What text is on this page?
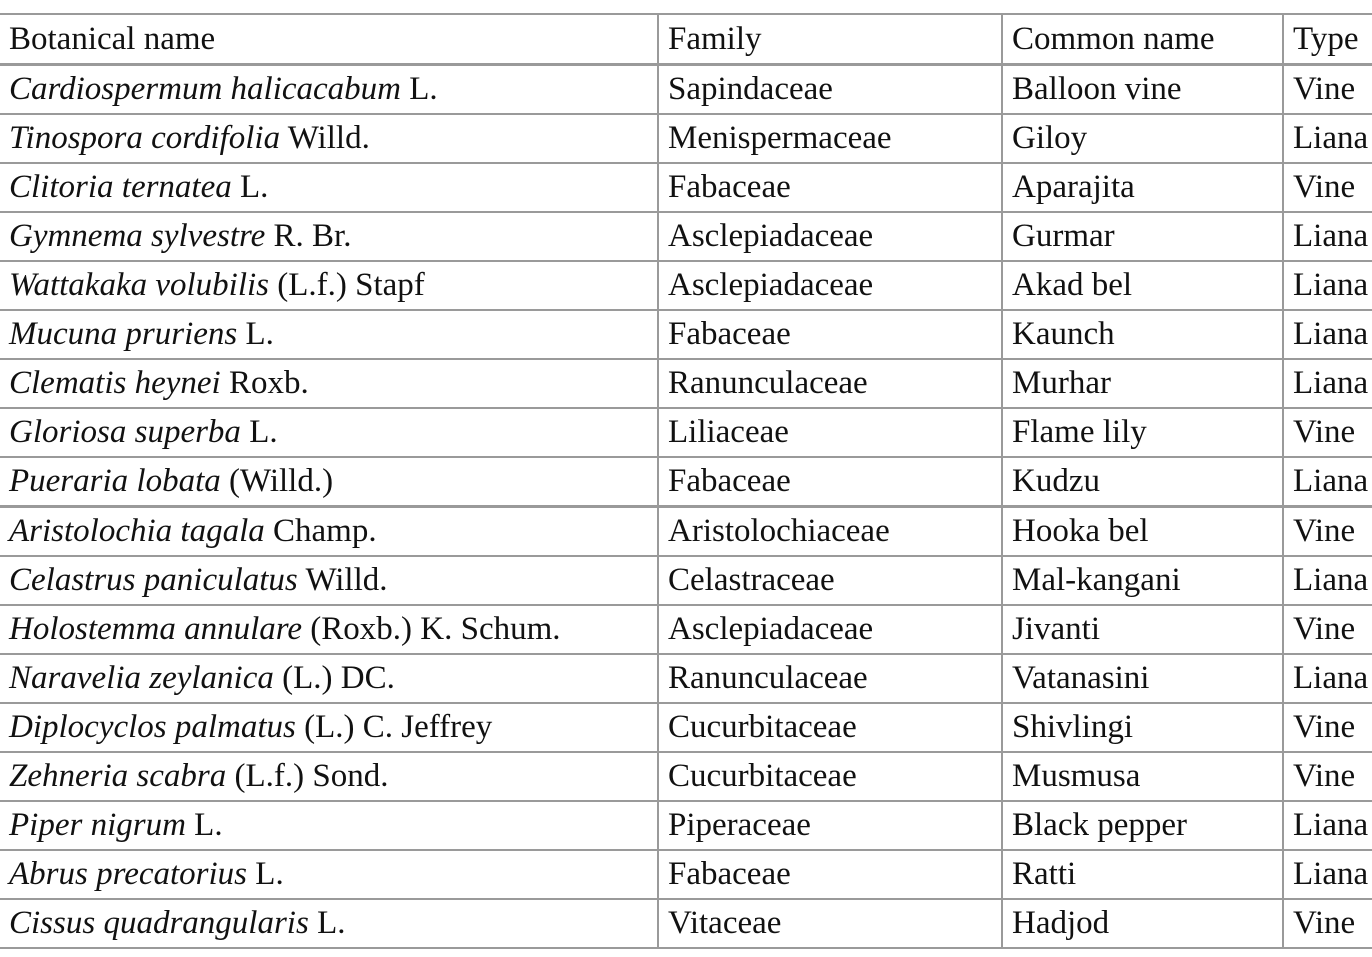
Botanical name	Family	Common name	Type
Cardiospermum halicacabum L.	Sapindaceae	Balloon vine	Vine
Tinospora cordifolia Willd.	Menispermaceae	Giloy	Liana
Clitoria ternatea L.	Fabaceae	Aparajita	Vine
Gymnema sylvestre R. Br.	Asclepiadaceae	Gurmar	Liana
Wattakaka volubilis (L.f.) Stapf	Asclepiadaceae	Akad bel	Liana
Mucuna pruriens L.	Fabaceae	Kaunch	Liana
Clematis heynei Roxb.	Ranunculaceae	Murhar	Liana
Gloriosa superba L.	Liliaceae	Flame lily	Vine
Pueraria lobata (Willd.)	Fabaceae	Kudzu	Liana
Aristolochia tagala Champ.	Aristolochiaceae	Hooka bel	Vine
Celastrus paniculatus Willd.	Celastraceae	Mal-kangani	Liana
Holostemma annulare (Roxb.) K. Schum.	Asclepiadaceae	Jivanti	Vine
Naravelia zeylanica (L.) DC.	Ranunculaceae	Vatanasini	Liana
Diplocyclos palmatus (L.) C. Jeffrey	Cucurbitaceae	Shivlingi	Vine
Zehneria scabra (L.f.) Sond.	Cucurbitaceae	Musmusa	Vine
Piper nigrum L.	Piperaceae	Black pepper	Liana
Abrus precatorius L.	Fabaceae	Ratti	Liana
Cissus quadrangularis L.	Vitaceae	Hadjod	Vine
